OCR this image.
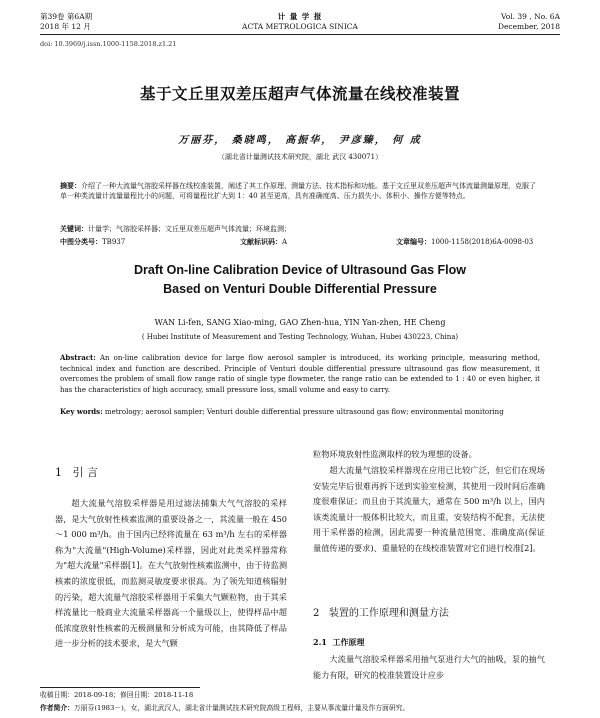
第39卷 第6A期
2018 年 12 月
计 量 学 报
ACTA METROLOGICA SINICA
Vol. 39 , No. 6A
December, 2018
doi: 10.3969/j.issn.1000-1158.2018.z1.21
基于文丘里双差压超声气体流量在线校准装置
万丽芬， 桑晓鸣， 高振华， 尹彦臻， 何 成
（湖北省计量测试技术研究院，湖北 武汉 430071）
摘要：介绍了一种大流量气溶胶采样器在线校准装置，阐述了其工作原理、测量方法、技术指标和功能。基于文丘里双差压超声气体流量测量原理，克服了单一种类流量计流量量程比小的问题，可将量程比扩大到 1：40 甚至更高，具有准确度高、压力损失小、体积小、操作方便等特点。
关键词：计量学；气溶胶采样器；文丘里双差压超声气体流量；环境监测；
中图分类号：TB937	文献标识码：A	文章编号：1000-1158(2018)6A-0098-03
Draft On-line Calibration Device of Ultrasound Gas Flow
Based on Venturi Double Differential Pressure
WAN Li-fen, SANG Xiao-ming, GAO Zhen-hua, YIN Yan-zhen, HE Cheng
( Hubei Institute of Measurement and Testing Technology, Wuhan, Hubei 430223, China)
Abstract: An on-line calibration device for large flow aerosol sampler is introduced, its working principle, measuring method, technical index and function are described. Principle of Venturi double differential pressure ultrasound gas flow measurement, it overcomes the problem of small flow range ratio of single type flowmeter, the range ratio can be extended to 1 : 40 or even higher, it has the characteristics of high accuracy, small pressure loss, small volume and easy to carry.
Key words: metrology; aerosol sampler; Venturi double differential pressure ultrasound gas flow; environmental monitoring
1 引 言
超大流量气溶胶采样器是用过滤法捕集大气气溶胶的采样器，是大气放射性核素监测的重要设备之一，其流量一般在 450～1 000 m³/h。由于国内已经将流量在 63 m³/h 左右的采样器称为"大流量"(High-Volume)采样器，因此对此类采样器常称为"超大流量"采样器[1]。在大气放射性核素监测中，由于待监测核素的浓度很低，而监测灵敏度要求很高。为了领先知道核辐射的污染，超大流量气溶胶采样器用于采集大气颗粒物，由于其采样流量比一般商业大流量采样器高一个量级以上，使得样品中超低浓度放射性核素的无极测量和分析成为可能，由其降低了样品进一步分析的技术要求，是大气颗
粒物环境放射性监测取样的较为理想的设备。
超大流量气溶胶采样器现在应用已比较广泛，但它们在现场安装完毕后很难再拆下送到实验室检测，其使用一段时间后准确度很难保证；而且由于其流量大，通常在 500 m³/h 以上，国内该类流量计一般体积比较大，而且重，安装结构不配套，无法使用于采样器的检测，因此需要一种流量范围宽、准确度高(保证量值传递的要求)、重量轻的在线校准装置对它们进行校准[2]。
2 装置的工作原理和测量方法
2.1 工作原理
大流量气溶胶采样器采用抽气泵进行大气的抽吸，泵的抽气能力有限，研究的校准装置设计应步
收稿日期：2018-09-18；修回日期：2018-11-18
作者简介：万丽芬(1983－)，女，湖北武汉人，湖北省计量测试技术研究院高级工程师，主要从事流量计量及作方面研究。
